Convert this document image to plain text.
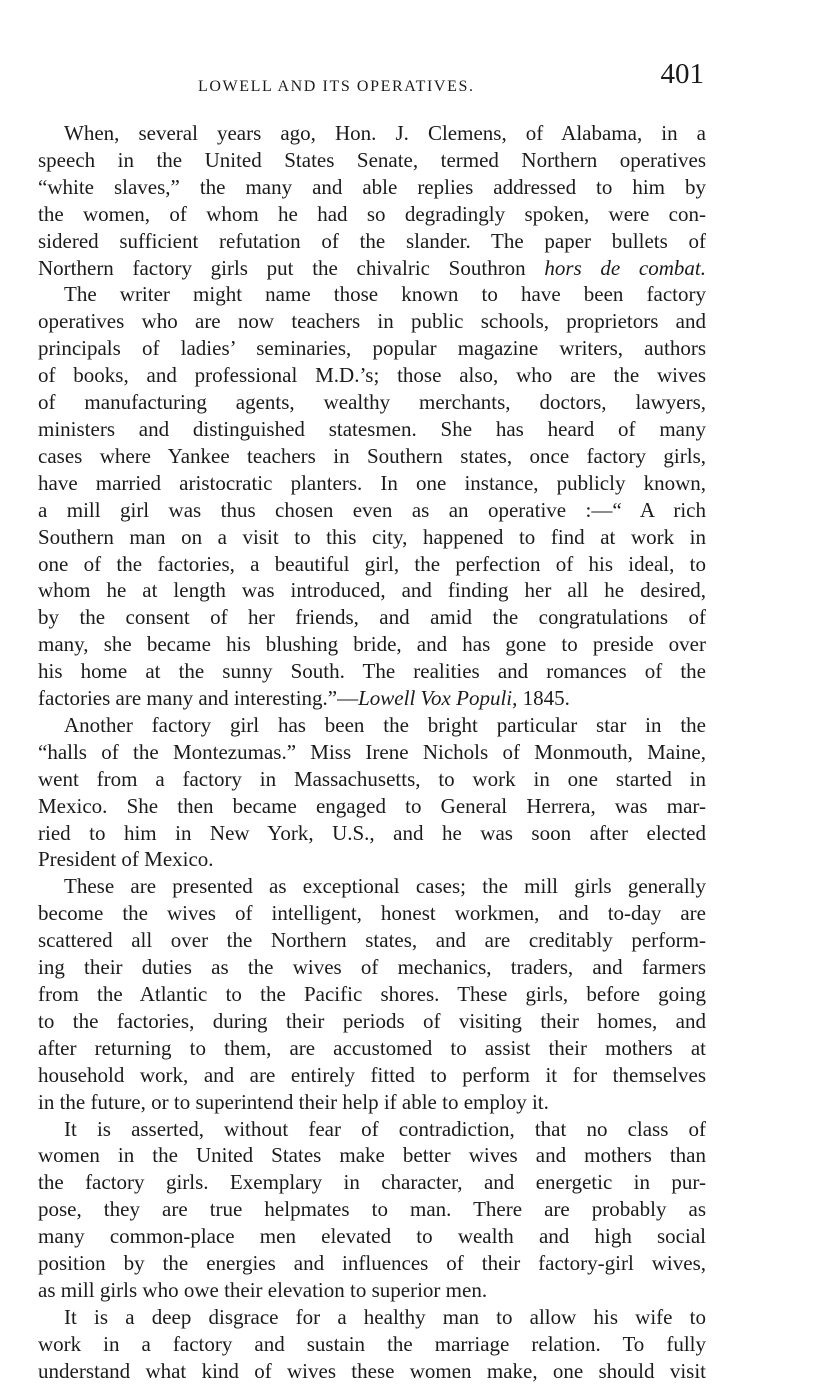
LOWELL AND ITS OPERATIVES.	401
When, several years ago, Hon. J. Clemens, of Alabama, in a
speech in the United States Senate, termed Northern operatives
“white slaves,” the many and able replies addressed to him by
the women, of whom he had so degradingly spoken, were con-
sidered sufficient refutation of the slander. The paper bullets of
Northern factory girls put the chivalric Southron hors de combat.
The writer might name those known to have been factory
operatives who are now teachers in public schools, proprietors and
principals of ladies’ seminaries, popular magazine writers, authors
of books, and professional M.D.’s; those also, who are the wives
of manufacturing agents, wealthy merchants, doctors, lawyers,
ministers and distinguished statesmen. She has heard of many
cases where Yankee teachers in Southern states, once factory girls,
have married aristocratic planters. In one instance, publicly known,
a mill girl was thus chosen even as an operative :—“ A rich
Southern man on a visit to this city, happened to find at work in
one of the factories, a beautiful girl, the perfection of his ideal, to
whom he at length was introduced, and finding her all he desired,
by the consent of her friends, and amid the congratulations of
many, she became his blushing bride, and has gone to preside over
his home at the sunny South. The realities and romances of the
factories are many and interesting.”—Lowell Vox Populi, 1845.
Another factory girl has been the bright particular star in the
“halls of the Montezumas.” Miss Irene Nichols of Monmouth, Maine,
went from a factory in Massachusetts, to work in one started in
Mexico. She then became engaged to General Herrera, was mar-
ried to him in New York, U.S., and he was soon after elected
President of Mexico.
These are presented as exceptional cases; the mill girls generally
become the wives of intelligent, honest workmen, and to-day are
scattered all over the Northern states, and are creditably perform-
ing their duties as the wives of mechanics, traders, and farmers
from the Atlantic to the Pacific shores. These girls, before going
to the factories, during their periods of visiting their homes, and
after returning to them, are accustomed to assist their mothers at
household work, and are entirely fitted to perform it for themselves
in the future, or to superintend their help if able to employ it.
It is asserted, without fear of contradiction, that no class of
women in the United States make better wives and mothers than
the factory girls. Exemplary in character, and energetic in pur-
pose, they are true helpmates to man. There are probably as
many common-place men elevated to wealth and high social
position by the energies and influences of their factory-girl wives,
as mill girls who owe their elevation to superior men.
It is a deep disgrace for a healthy man to allow his wife to
work in a factory and sustain the marriage relation. To fully
understand what kind of wives these women make, one should visit
